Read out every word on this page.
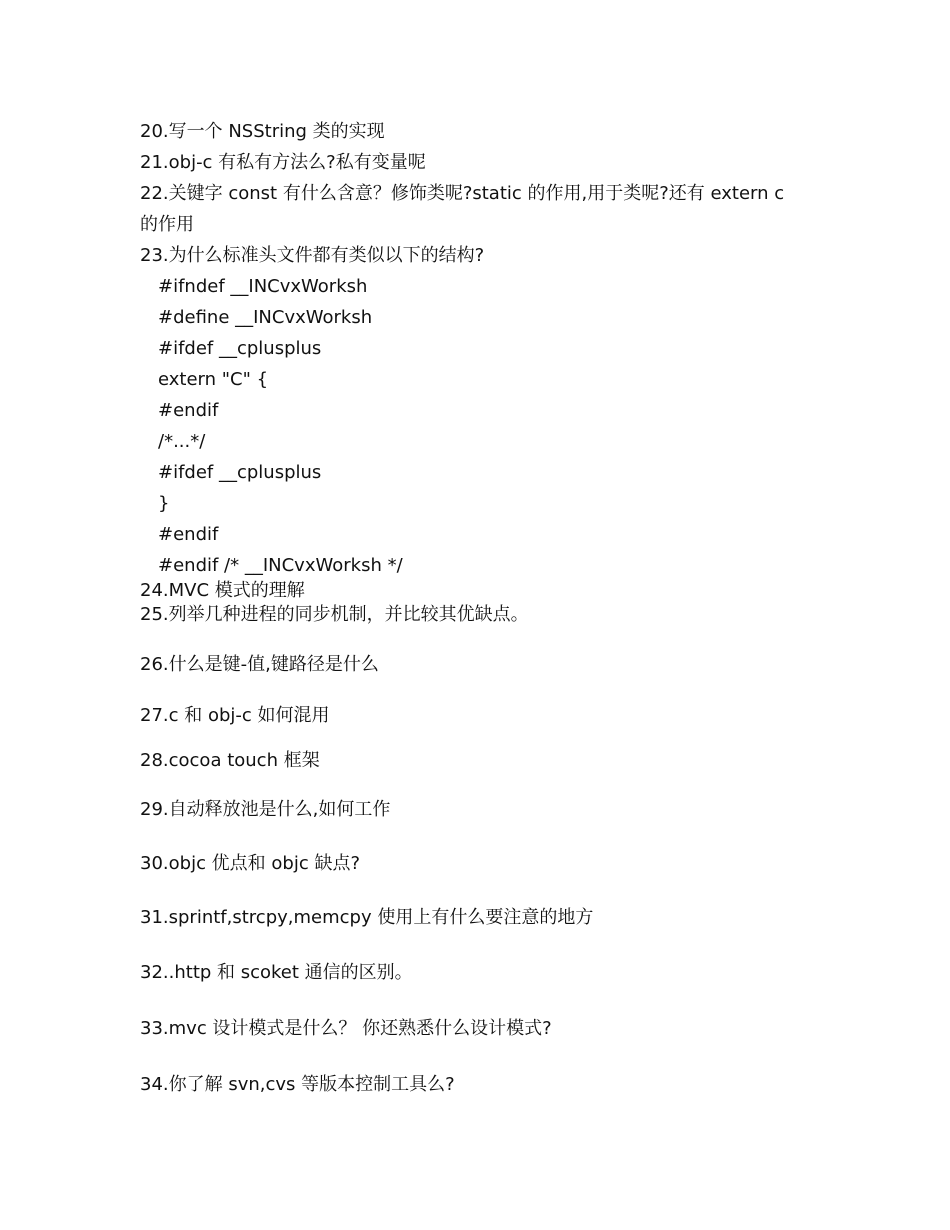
20.写一个 NSString 类的实现
21.obj-c 有私有方法么?私有变量呢
22.关键字 const 有什么含意？修饰类呢?static 的作用,用于类呢?还有 extern c
的作用
23.为什么标准头文件都有类似以下的结构?
#ifndef __INCvxWorksh
#define __INCvxWorksh
#ifdef __cplusplus
extern "C" {
#endif
/*...*/
#ifdef __cplusplus
}
#endif
#endif /* __INCvxWorksh */
24.MVC 模式的理解
25.列举几种进程的同步机制，并比较其优缺点。
26.什么是键-值,键路径是什么
27.c 和 obj-c 如何混用
28.cocoa touch 框架
29.自动释放池是什么,如何工作
30.objc 优点和 objc 缺点?
31.sprintf,strcpy,memcpy 使用上有什么要注意的地方
32..http 和 scoket 通信的区别。
33.mvc 设计模式是什么？ 你还熟悉什么设计模式?
34.你了解 svn,cvs 等版本控制工具么?
